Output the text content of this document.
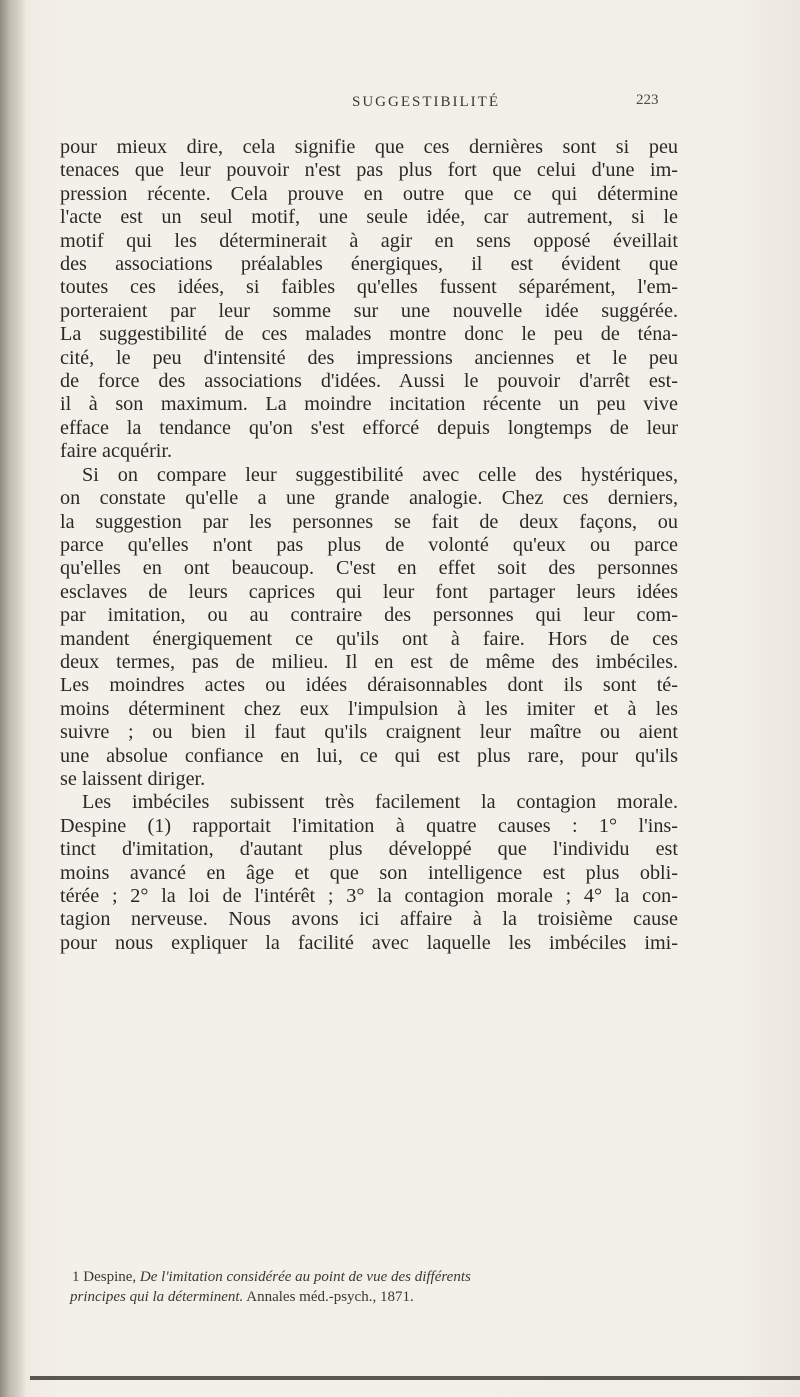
SUGGESTIBILITÉ	223
pour mieux dire, cela signifie que ces dernières sont si peu
tenaces que leur pouvoir n'est pas plus fort que celui d'une im-
pression récente. Cela prouve en outre que ce qui détermine
l'acte est un seul motif, une seule idée, car autrement, si le
motif qui les déterminerait à agir en sens opposé éveillait
des associations préalables énergiques, il est évident que
toutes ces idées, si faibles qu'elles fussent séparément, l'em-
porteraient par leur somme sur une nouvelle idée suggérée.
La suggestibilité de ces malades montre donc le peu de téna-
cité, le peu d'intensité des impressions anciennes et le peu
de force des associations d'idées. Aussi le pouvoir d'arrêt est-
il à son maximum. La moindre incitation récente un peu vive
efface la tendance qu'on s'est efforcé depuis longtemps de leur
faire acquérir.
Si on compare leur suggestibilité avec celle des hystériques,
on constate qu'elle a une grande analogie. Chez ces derniers,
la suggestion par les personnes se fait de deux façons, ou
parce qu'elles n'ont pas plus de volonté qu'eux ou parce
qu'elles en ont beaucoup. C'est en effet soit des personnes
esclaves de leurs caprices qui leur font partager leurs idées
par imitation, ou au contraire des personnes qui leur com-
mandent énergiquement ce qu'ils ont à faire. Hors de ces
deux termes, pas de milieu. Il en est de même des imbéciles.
Les moindres actes ou idées déraisonnables dont ils sont té-
moins déterminent chez eux l'impulsion à les imiter et à les
suivre ; ou bien il faut qu'ils craignent leur maître ou aient
une absolue confiance en lui, ce qui est plus rare, pour qu'ils
se laissent diriger.
Les imbéciles subissent très facilement la contagion morale.
Despine (1) rapportait l'imitation à quatre causes : 1° l'ins-
tinct d'imitation, d'autant plus développé que l'individu est
moins avancé en âge et que son intelligence est plus obli-
térée ; 2° la loi de l'intérêt ; 3° la contagion morale ; 4° la con-
tagion nerveuse. Nous avons ici affaire à la troisième cause
pour nous expliquer la facilité avec laquelle les imbéciles imi-
1 Despine, De l'imitation considérée au point de vue des différents
principes qui la déterminent. Annales méd.-psych., 1871.
